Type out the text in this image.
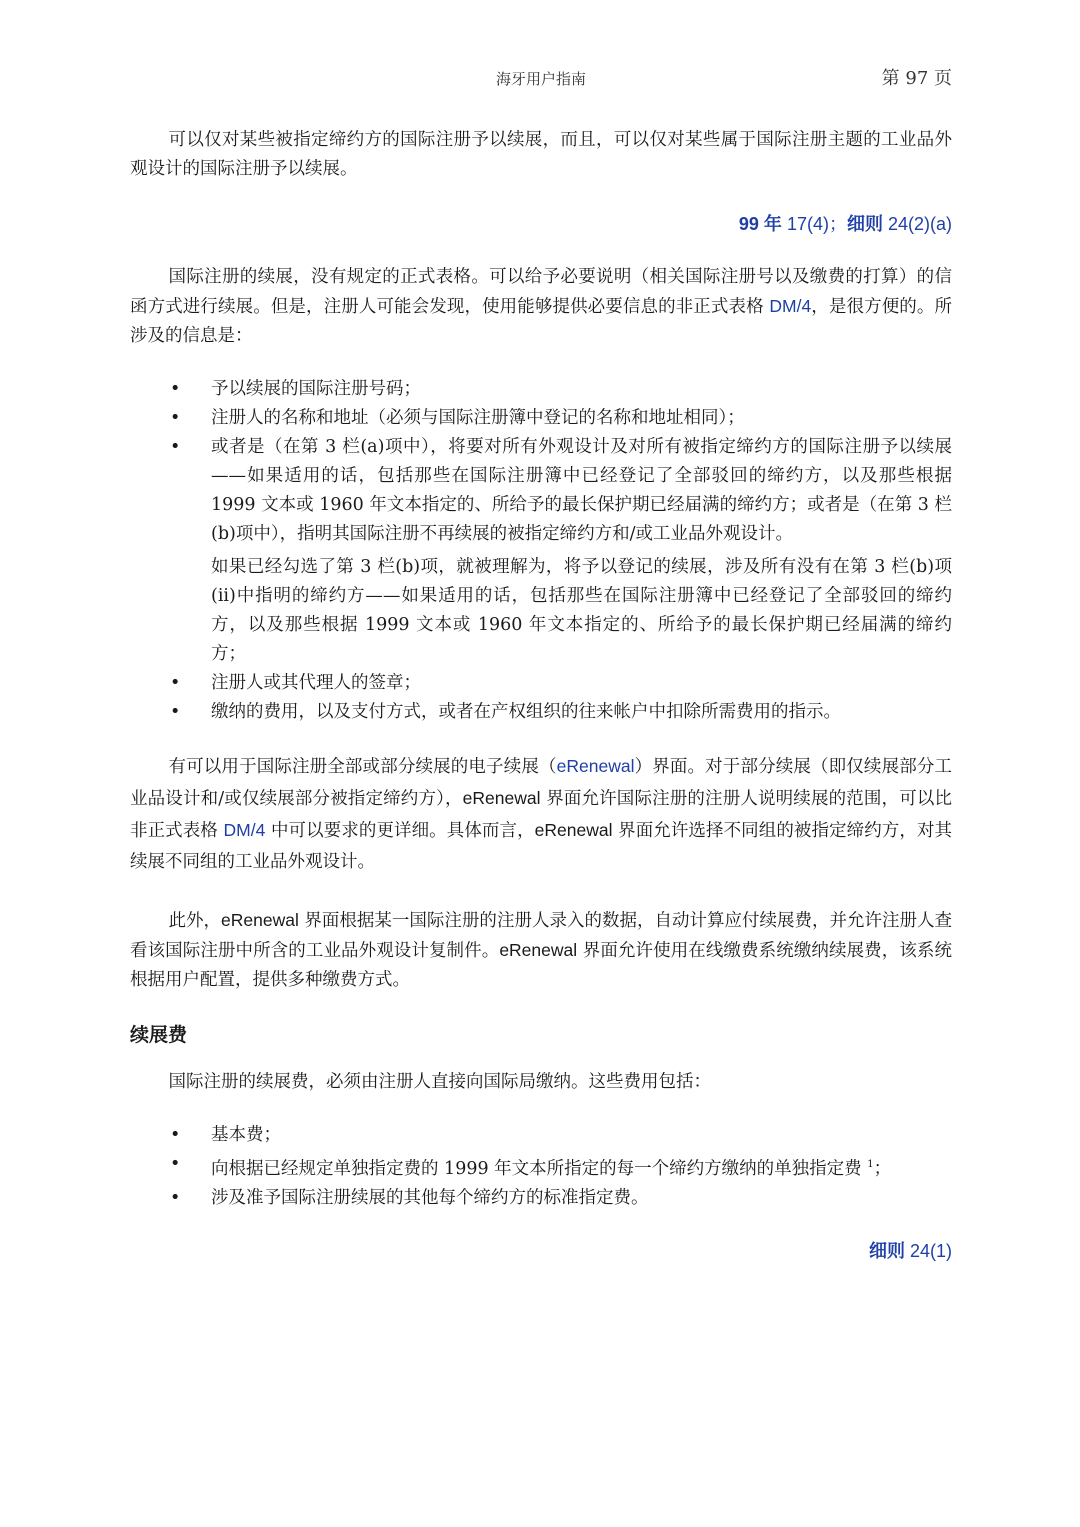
海牙用户指南	第 97 页

可以仅对某些被指定缔约方的国际注册予以续展，而且，可以仅对某些属于国际注册主题的工业品外观设计的国际注册予以续展。

99 年 17(4)；细则 24(2)(a)

国际注册的续展，没有规定的正式表格。可以给予必要说明（相关国际注册号以及缴费的打算）的信函方式进行续展。但是，注册人可能会发现，使用能够提供必要信息的非正式表格 DM/4，是很方便的。所涉及的信息是：

• 予以续展的国际注册号码；
• 注册人的名称和地址（必须与国际注册簿中登记的名称和地址相同）；
• 或者是（在第 3 栏(a)项中），将要对所有外观设计及对所有被指定缔约方的国际注册予以续展——如果适用的话，包括那些在国际注册簿中已经登记了全部驳回的缔约方，以及那些根据 1999 文本或 1960 年文本指定的、所给予的最长保护期已经届满的缔约方；或者是（在第 3 栏(b)项中），指明其国际注册不再续展的被指定缔约方和/或工业品外观设计。
如果已经勾选了第 3 栏(b)项，就被理解为，将予以登记的续展，涉及所有没有在第 3 栏(b)项(ii)中指明的缔约方——如果适用的话，包括那些在国际注册簿中已经登记了全部驳回的缔约方，以及那些根据 1999 文本或 1960 年文本指定的、所给予的最长保护期已经届满的缔约方；
• 注册人或其代理人的签章；
• 缴纳的费用，以及支付方式，或者在产权组织的往来帐户中扣除所需费用的指示。

有可以用于国际注册全部或部分续展的电子续展（eRenewal）界面。对于部分续展（即仅续展部分工业品设计和/或仅续展部分被指定缔约方），eRenewal 界面允许国际注册的注册人说明续展的范围，可以比非正式表格 DM/4 中可以要求的更详细。具体而言，eRenewal 界面允许选择不同组的被指定缔约方，对其续展不同组的工业品外观设计。

此外，eRenewal 界面根据某一国际注册的注册人录入的数据，自动计算应付续展费，并允许注册人查看该国际注册中所含的工业品外观设计复制件。eRenewal 界面允许使用在线缴费系统缴纳续展费，该系统根据用户配置，提供多种缴费方式。

续展费

国际注册的续展费，必须由注册人直接向国际局缴纳。这些费用包括：

• 基本费；
• 向根据已经规定单独指定费的 1999 年文本所指定的每一个缔约方缴纳的单独指定费 $^1$；
• 涉及准予国际注册续展的其他每个缔约方的标准指定费。

细则 24(1)
